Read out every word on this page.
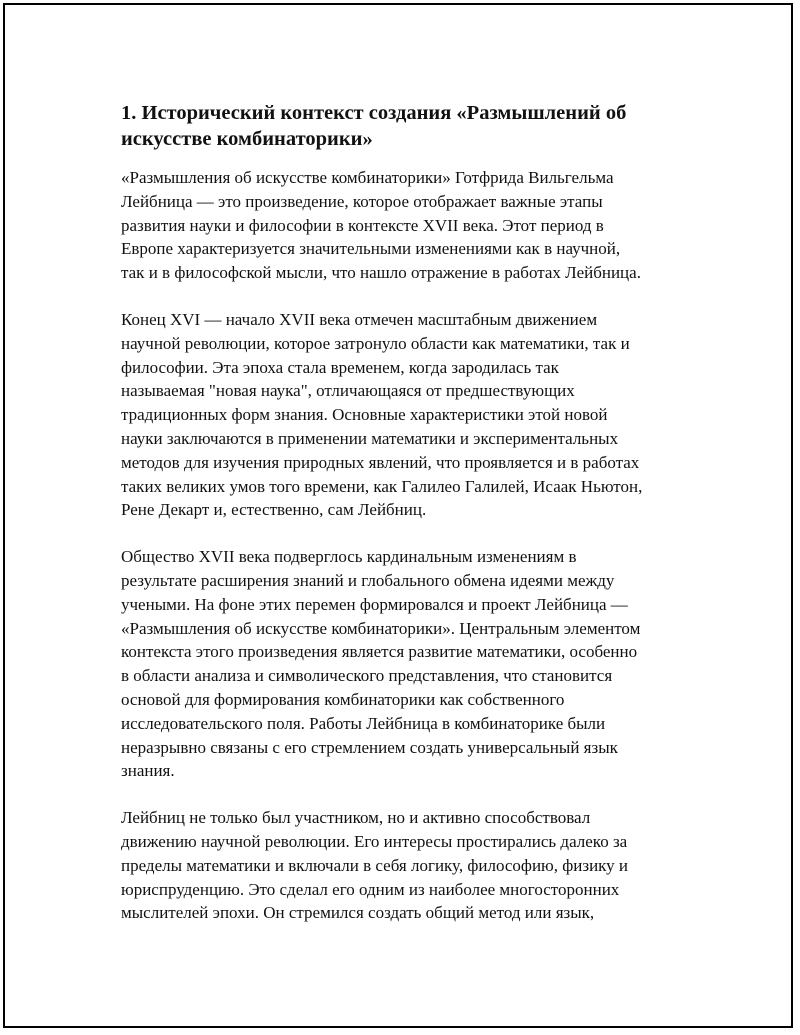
1. Исторический контекст создания «Размышлений об
искусстве комбинаторики»

«Размышления об искусстве комбинаторики» Готфрида Вильгельма
Лейбница — это произведение, которое отображает важные этапы
развития науки и философии в контексте XVII века. Этот период в
Европе характеризуется значительными изменениями как в научной,
так и в философской мысли, что нашло отражение в работах Лейбница.

Конец XVI — начало XVII века отмечен масштабным движением
научной революции, которое затронуло области как математики, так и
философии. Эта эпоха стала временем, когда зародилась так
называемая "новая наука", отличающаяся от предшествующих
традиционных форм знания. Основные характеристики этой новой
науки заключаются в применении математики и экспериментальных
методов для изучения природных явлений, что проявляется и в работах
таких великих умов того времени, как Галилео Галилей, Исаак Ньютон,
Рене Декарт и, естественно, сам Лейбниц.

Общество XVII века подверглось кардинальным изменениям в
результате расширения знаний и глобального обмена идеями между
учеными. На фоне этих перемен формировался и проект Лейбница —
«Размышления об искусстве комбинаторики». Центральным элементом
контекста этого произведения является развитие математики, особенно
в области анализа и символического представления, что становится
основой для формирования комбинаторики как собственного
исследовательского поля. Работы Лейбница в комбинаторике были
неразрывно связаны с его стремлением создать универсальный язык
знания.

Лейбниц не только был участником, но и активно способствовал
движению научной революции. Его интересы простирались далеко за
пределы математики и включали в себя логику, философию, физику и
юриспруденцию. Это сделал его одним из наиболее многосторонних
мыслителей эпохи. Он стремился создать общий метод или язык,
